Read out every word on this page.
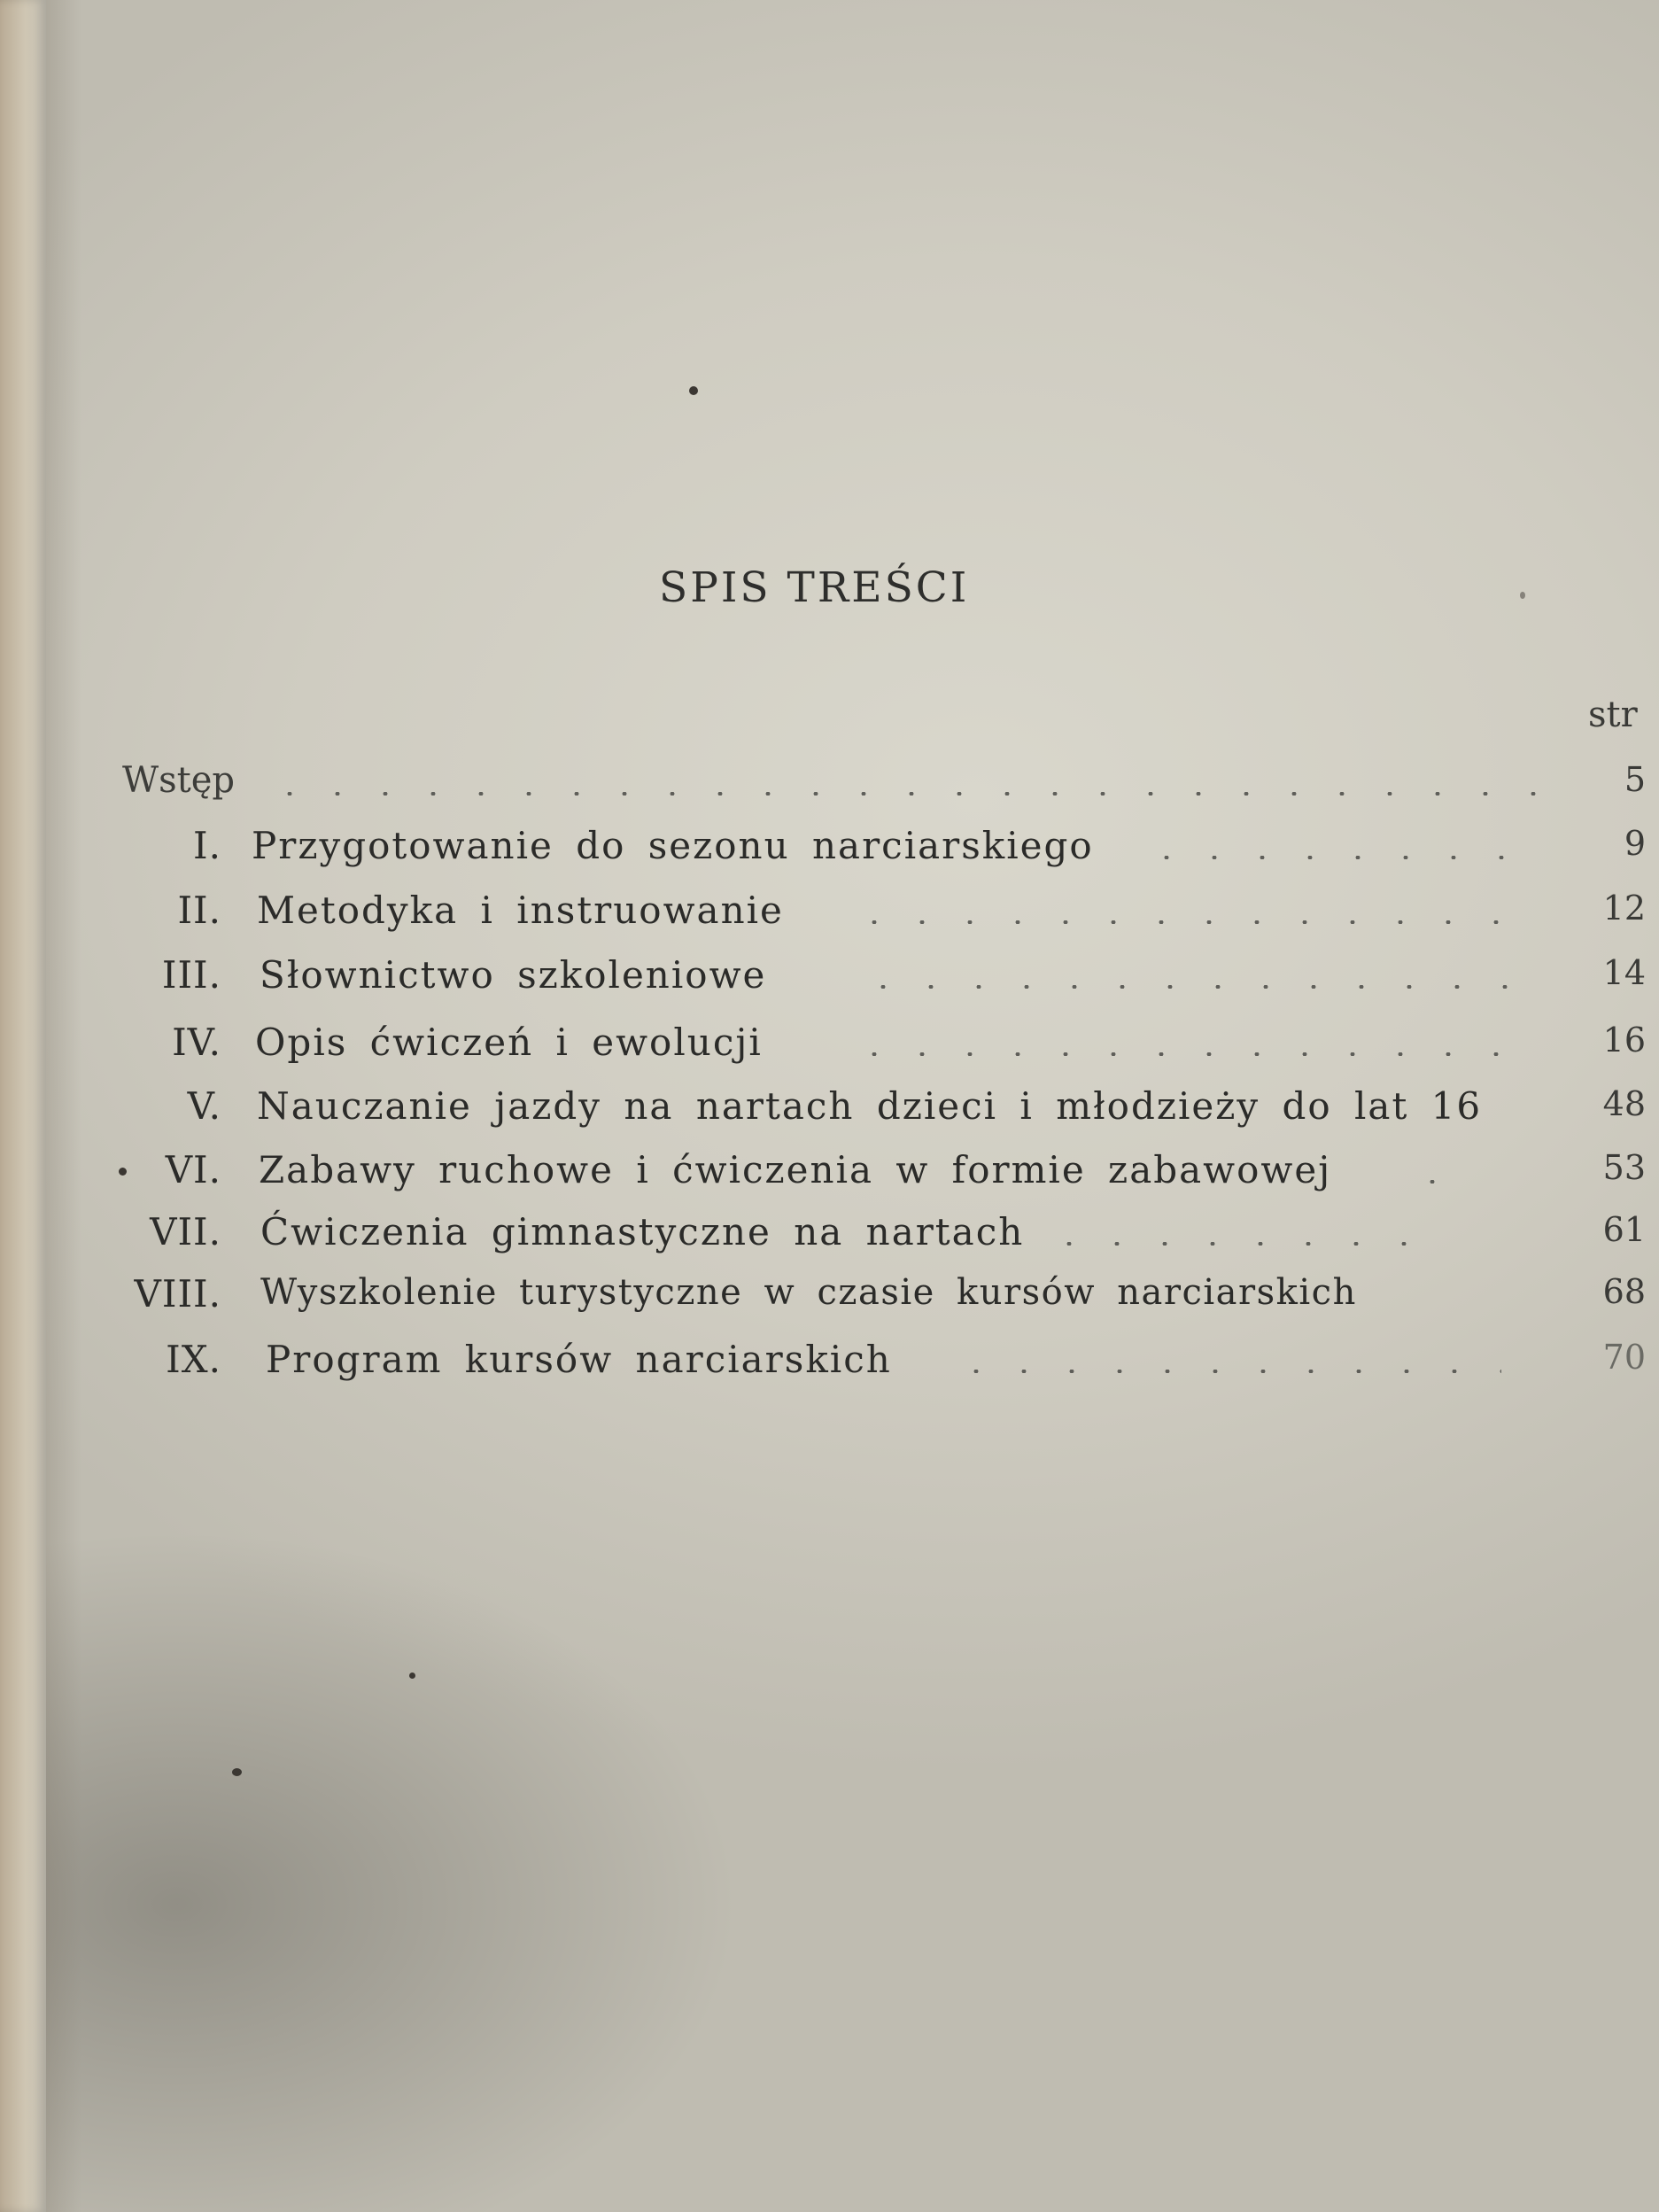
SPIS TREŚCI
str
Wstęp	5
I. Przygotowanie do sezonu narciarskiego	9
II. Metodyka i instruowanie	12
III. Słownictwo szkoleniowe	14
IV. Opis ćwiczeń i ewolucji	16
V. Nauczanie jazdy na nartach dzieci i młodzieży do lat 16	48
VI. Zabawy ruchowe i ćwiczenia w formie zabawowej	53
VII. Ćwiczenia gimnastyczne na nartach	61
VIII. Wyszkolenie turystyczne w czasie kursów narciarskich	68
IX. Program kursów narciarskich	70
